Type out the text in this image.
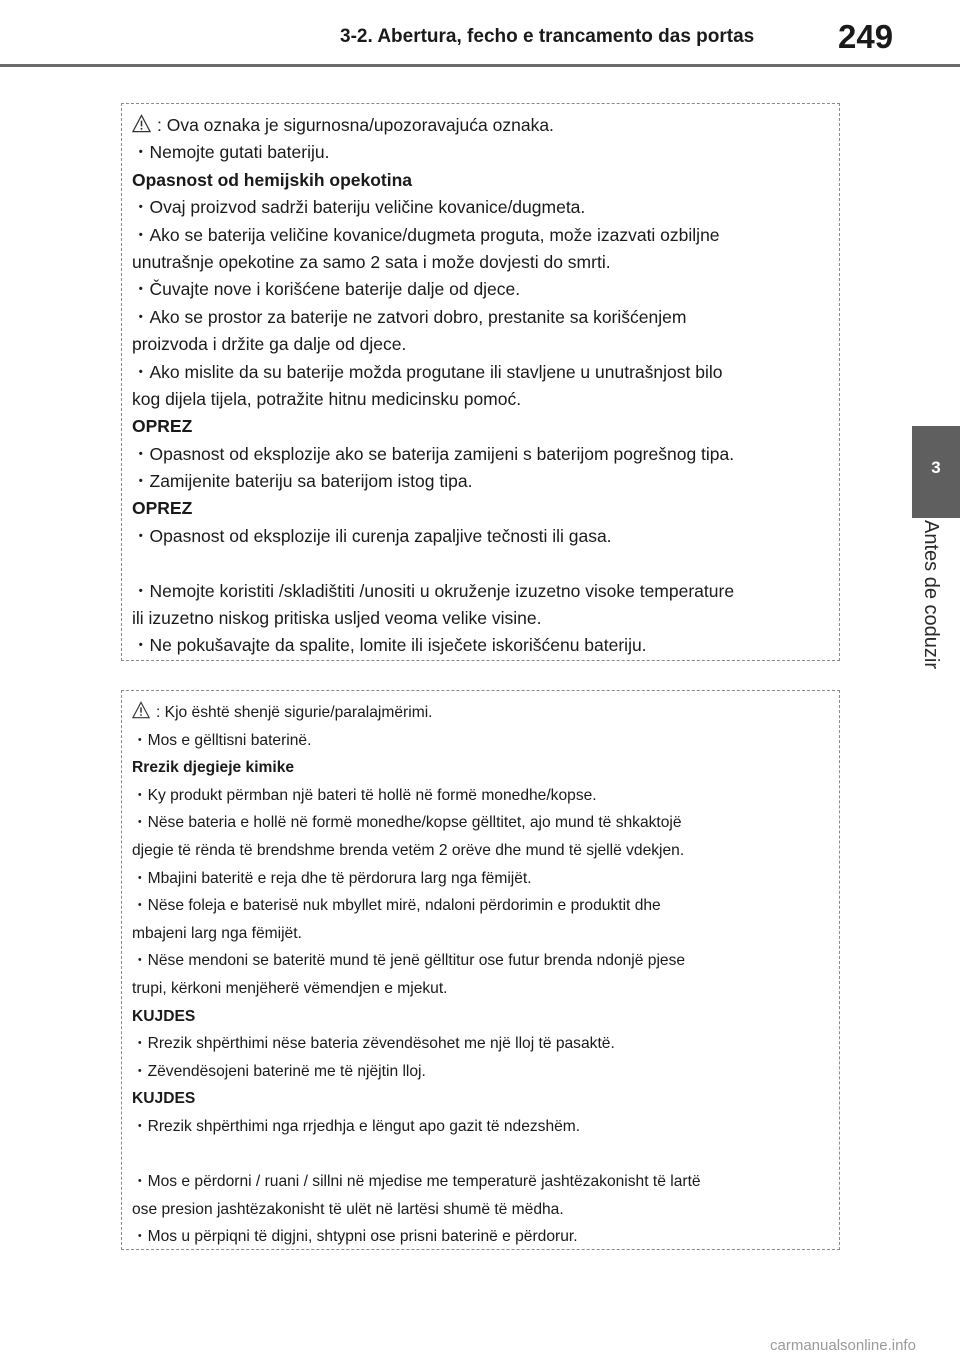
3-2. Abertura, fecho e trancamento das portas	249
3
Antes de coduzir
: Ova oznaka je sigurnosna/upozoravajuća oznaka.
・Nemojte gutati bateriju.
Opasnost od hemijskih opekotina
・Ovaj proizvod sadrži bateriju veličine kovanice/dugmeta.
・Ako se baterija veličine kovanice/dugmeta proguta, može izazvati ozbiljne
unutrašnje opekotine za samo 2 sata i može dovjesti do smrti.
・Čuvajte nove i korišćene baterije dalje od djece.
・Ako se prostor za baterije ne zatvori dobro, prestanite sa korišćenjem
proizvoda i držite ga dalje od djece.
・Ako mislite da su baterije možda progutane ili stavljene u unutrašnjost bilo
kog dijela tijela, potražite hitnu medicinsku pomoć.
OPREZ
・Opasnost od eksplozije ako se baterija zamijeni s baterijom pogrešnog tipa.
・Zamijenite bateriju sa baterijom istog tipa.
OPREZ
・Opasnost od eksplozije ili curenja zapaljive tečnosti ili gasa.
・Nemojte koristiti /skladištiti /unositi u okruženje izuzetno visoke temperature
ili izuzetno niskog pritiska usljed veoma velike visine.
・Ne pokušavajte da spalite, lomite ili isječete iskorišćenu bateriju.
: Kjo është shenjë sigurie/paralajmërimi.
・Mos e gëlltisni baterinë.
Rrezik djegieje kimike
・Ky produkt përmban një bateri të hollë në formë monedhe/kopse.
・Nëse bateria e hollë në formë monedhe/kopse gëlltitet, ajo mund të shkaktojë
djegie të rënda të brendshme brenda vetëm 2 orëve dhe mund të sjellë vdekjen.
・Mbajini bateritë e reja dhe të përdorura larg nga fëmijët.
・Nëse foleja e baterisë nuk mbyllet mirë, ndaloni përdorimin e produktit dhe
mbajeni larg nga fëmijët.
・Nëse mendoni se bateritë mund të jenë gëlltitur ose futur brenda ndonjë pjese
trupi, kërkoni menjëherë vëmendjen e mjekut.
KUJDES
・Rrezik shpërthimi nëse bateria zëvendësohet me një lloj të pasaktë.
・Zëvendësojeni baterinë me të njëjtin lloj.
KUJDES
・Rrezik shpërthimi nga rrjedhja e lëngut apo gazit të ndezshëm.
・Mos e përdorni / ruani / sillni në mjedise me temperaturë jashtëzakonisht të lartë
ose presion jashtëzakonisht të ulët në lartësi shumë të mëdha.
・Mos u përpiqni të digjni, shtypni ose prisni baterinë e përdorur.
carmanualsonline.info
